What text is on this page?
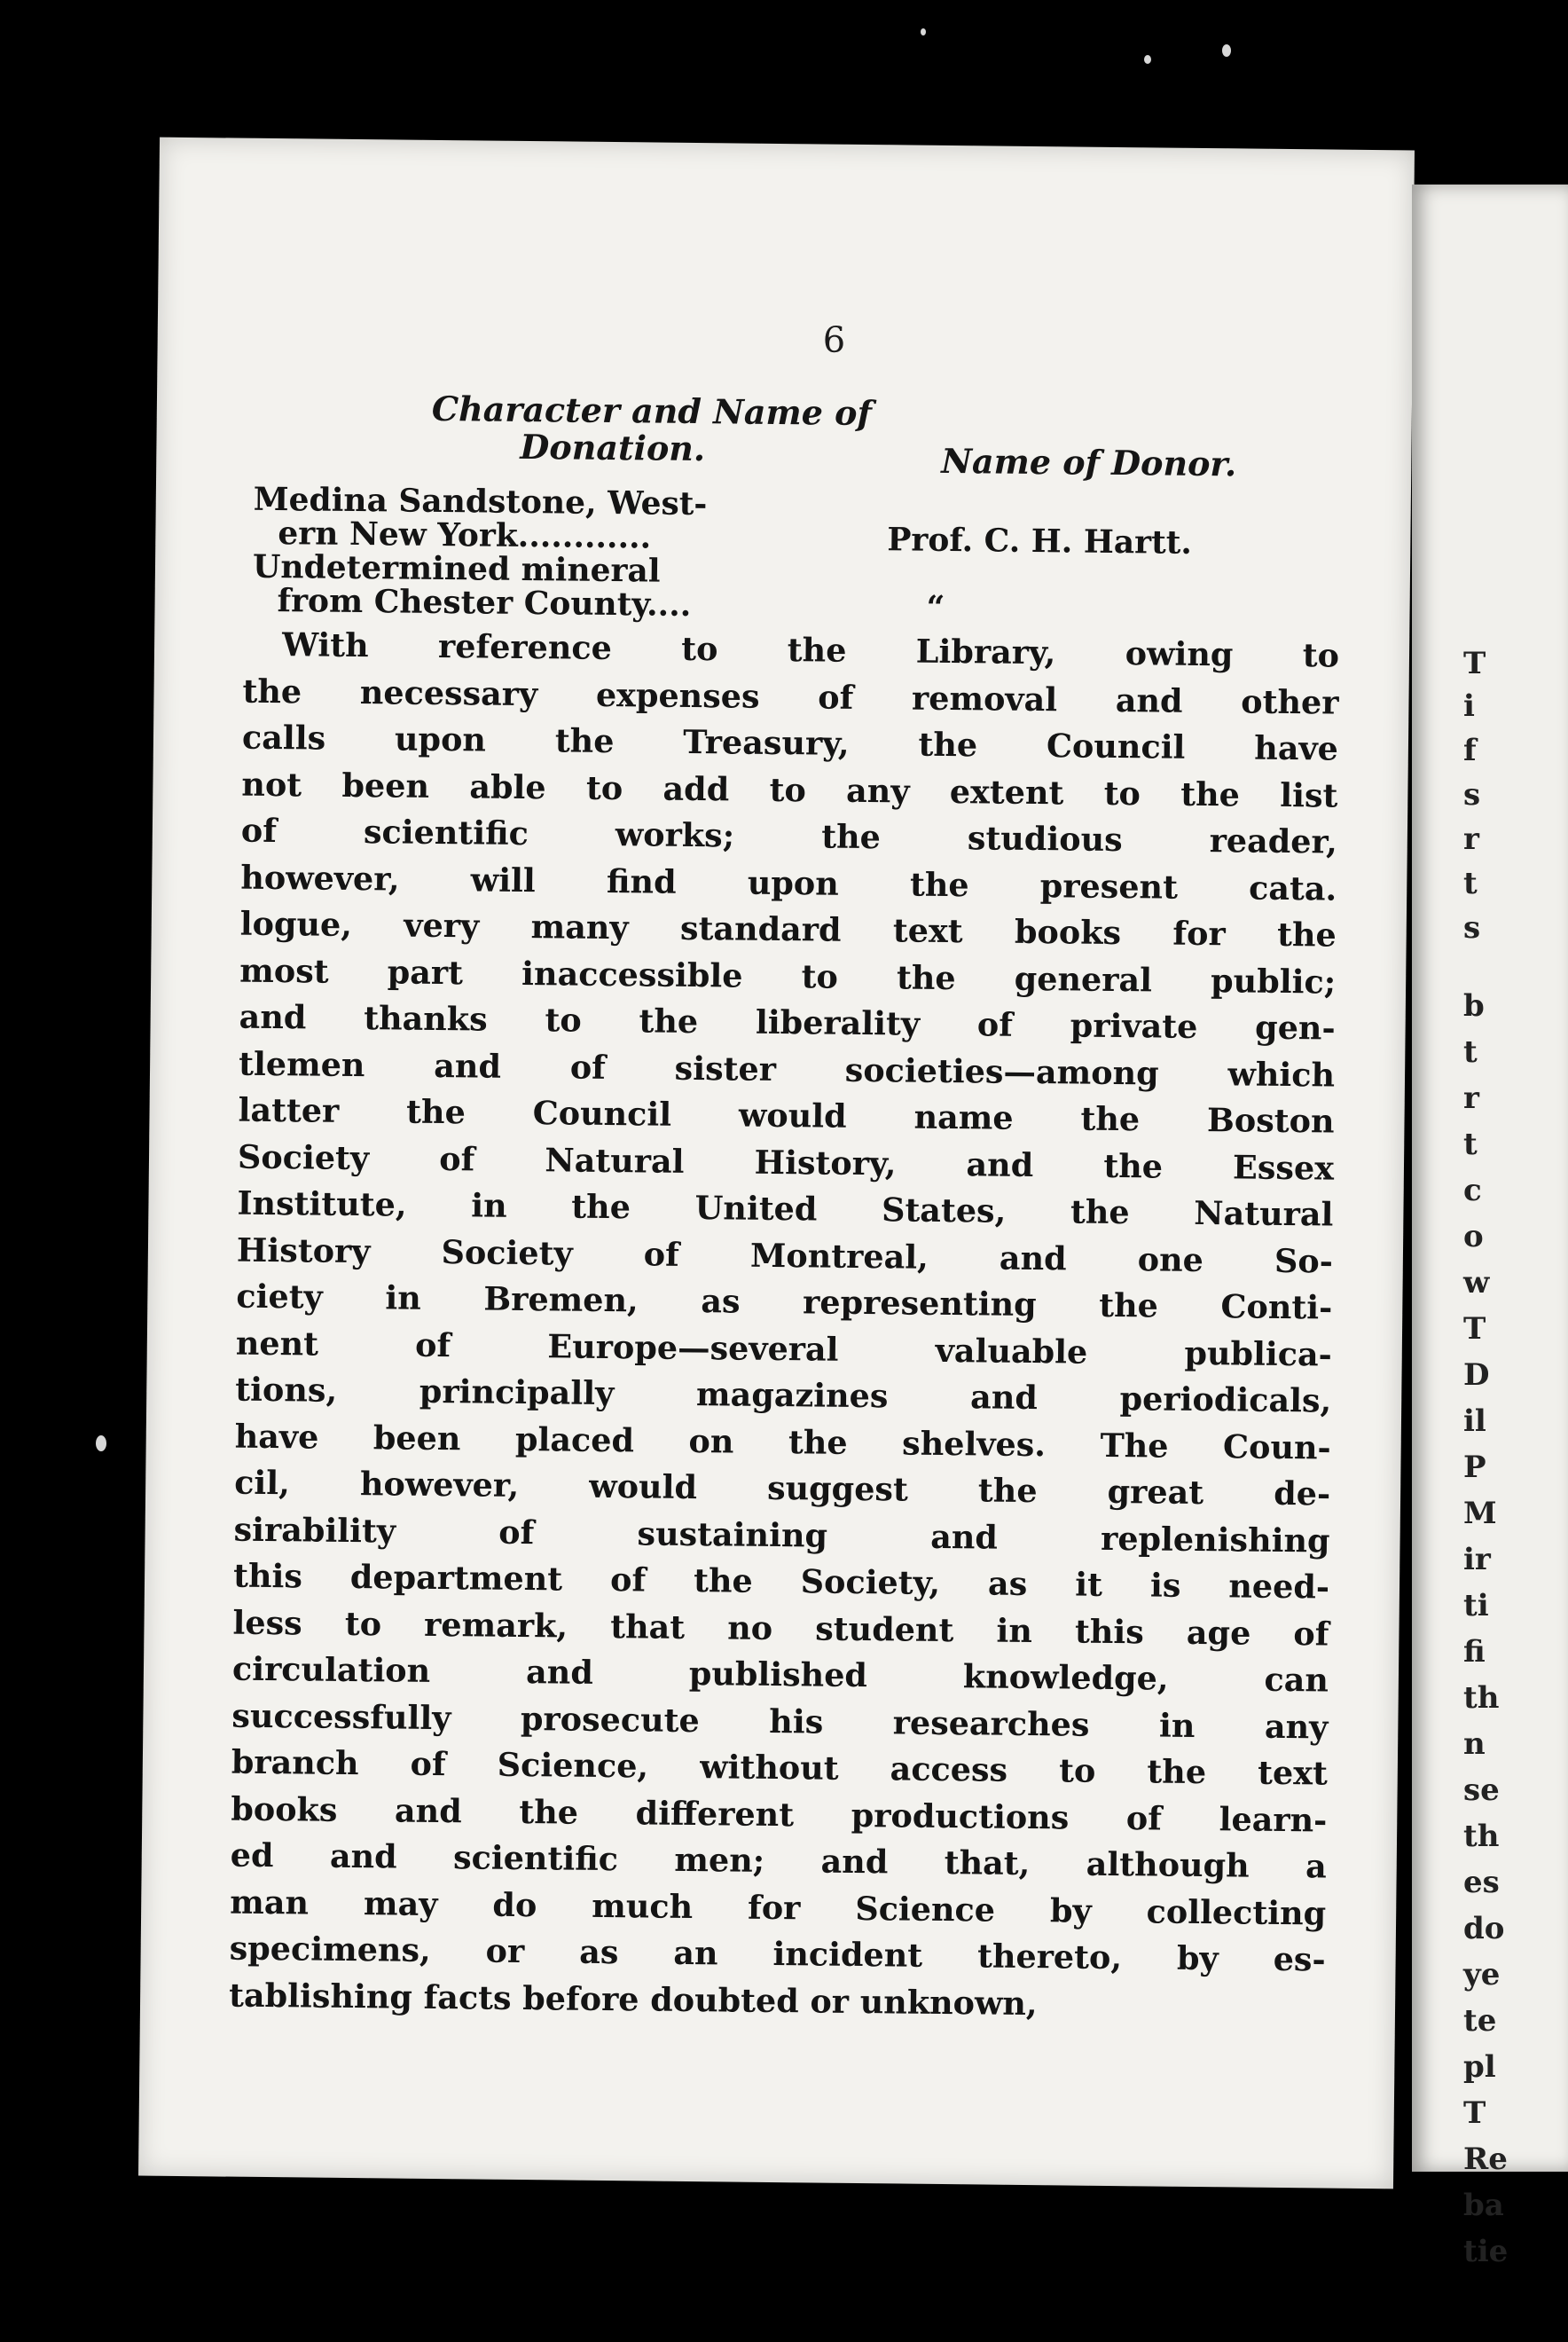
6
Character and Name of
Donation.	Name of Donor.
Medina Sandstone, West-
ern New York............	Prof. C. H. Hartt.
Undetermined mineral
from Chester County....	“
With reference to the Library, owing to
the necessary expenses of removal and other
calls upon the Treasury, the Council have
not been able to add to any extent to the list
of scientific works; the studious reader,
however, will find upon the present cata.
logue, very many standard text books for the
most part inaccessible to the general public;
and thanks to the liberality of private gen-
tlemen and of sister societies—among which
latter the Council would name the Boston
Society of Natural History, and the Essex
Institute, in the United States, the Natural
History Society of Montreal, and one So-
ciety in Bremen, as representing the Conti-
nent of Europe—several valuable publica-
tions, principally magazines and periodicals,
have been placed on the shelves. The Coun-
cil, however, would suggest the great de-
sirability of sustaining and replenishing
this department of the Society, as it is need-
less to remark, that no student in this age of
circulation and published knowledge, can
successfully prosecute his researches in any
branch of Science, without access to the text
books and the different productions of learn-
ed and scientific men; and that, although a
man may do much for Science by collecting
specimens, or as an incident thereto, by es-
tablishing facts before doubted or unknown,
T
i
f
s
r
t
s
b
t
r
t
c
o
w
T
D
il
P
M
ir
ti
fi
th
n
se
th
es
do
ye
te
pl
T
Re
ba
tie
